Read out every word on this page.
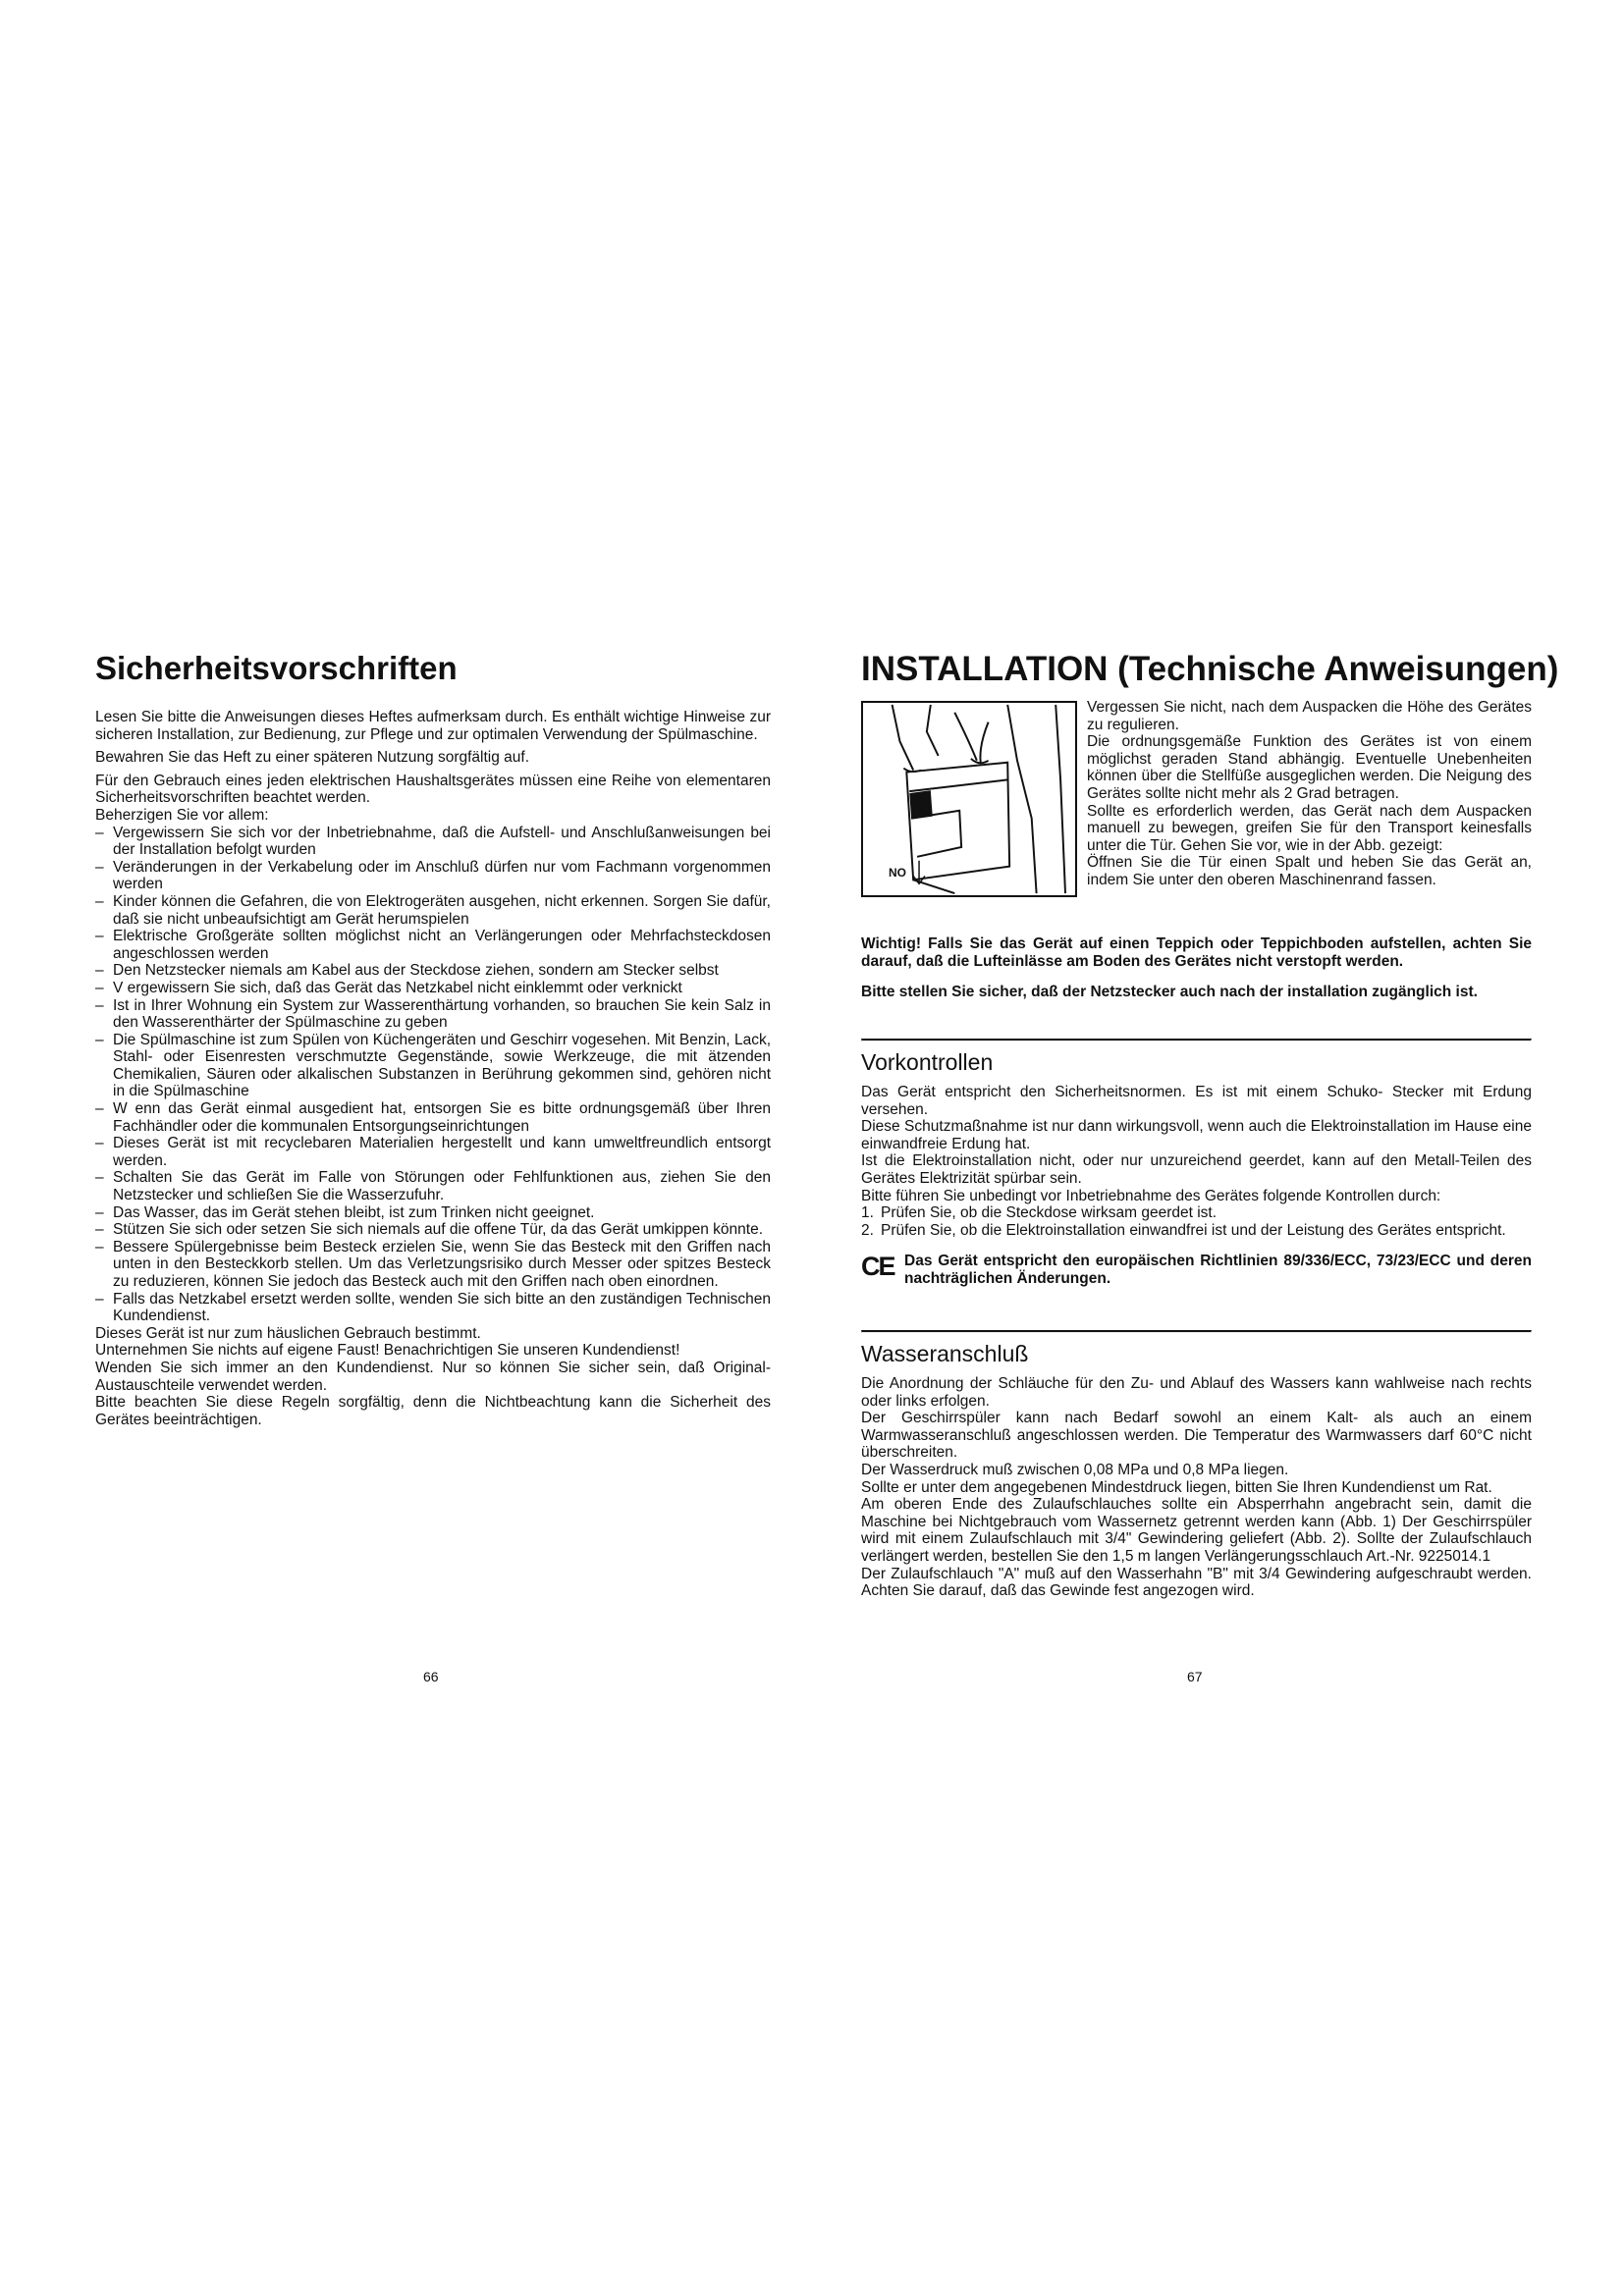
Sicherheitsvorschriften

Lesen Sie bitte die Anweisungen dieses Heftes aufmerksam durch. Es enthält wichtige Hinweise zur sicheren Installation, zur Bedienung, zur Pflege und zur optimalen Verwendung der Spülmaschine.

Bewahren Sie das Heft zu einer späteren Nutzung sorgfältig auf.

Für den Gebrauch eines jeden elektrischen Haushaltsgerätes müssen eine Reihe von elementaren Sicherheitsvorschriften beachtet werden.

Beherzigen Sie vor allem:

– Vergewissern Sie sich vor der Inbetriebnahme, daß die Aufstell- und Anschlußanweisungen bei der Installation befolgt wurden

– Veränderungen in der Verkabelung oder im Anschluß dürfen nur vom Fachmann vorgenommen werden

– Kinder können die Gefahren, die von Elektrogeräten ausgehen, nicht erkennen. Sorgen Sie dafür, daß sie nicht unbeaufsichtigt am Gerät herumspielen

– Elektrische Großgeräte sollten möglichst nicht an Verlängerungen oder Mehrfachsteckdosen angeschlossen werden

– Den Netzstecker niemals am Kabel aus der Steckdose ziehen, sondern am Stecker selbst

– V ergewissern Sie sich, daß das Gerät das Netzkabel nicht einklemmt oder verknickt

– Ist in Ihrer Wohnung ein System zur Wasserenthärtung vorhanden, so brauchen Sie kein Salz in den Wasserenthärter der Spülmaschine zu geben

– Die Spülmaschine ist zum Spülen von Küchengeräten und Geschirr vogesehen. Mit Benzin, Lack, Stahl- oder Eisenresten verschmutzte Gegenstände, sowie Werkzeuge, die mit ätzenden Chemikalien, Säuren oder alkalischen Substanzen in Berührung gekommen sind, gehören nicht in die Spülmaschine

– W enn das Gerät einmal ausgedient hat, entsorgen Sie es bitte ordnungsgemäß über Ihren Fachhändler oder die kommunalen Entsorgungseinrichtungen

– Dieses Gerät ist mit recyclebaren Materialien hergestellt und kann umweltfreundlich entsorgt werden.

– Schalten Sie das Gerät im Falle von Störungen oder Fehlfunktionen aus, ziehen Sie den Netzstecker und schließen Sie die Wasserzufuhr.

– Das Wasser, das im Gerät stehen bleibt, ist zum Trinken nicht geeignet.

– Stützen Sie sich oder setzen Sie sich niemals auf die offene Tür, da das Gerät umkippen könnte.

– Bessere Spülergebnisse beim Besteck erzielen Sie, wenn Sie das Besteck mit den Griffen nach unten in den Besteckkorb stellen. Um das Verletzungsrisiko durch Messer oder spitzes Besteck zu reduzieren, können Sie jedoch das Besteck auch mit den Griffen nach oben einordnen.

– Falls das Netzkabel ersetzt werden sollte, wenden Sie sich bitte an den zuständigen Technischen Kundendienst.

Dieses Gerät ist nur zum häuslichen Gebrauch bestimmt.

Unternehmen Sie nichts auf eigene Faust! Benachrichtigen Sie unseren Kundendienst!

Wenden Sie sich immer an den Kundendienst. Nur so können Sie sicher sein, daß Original-Austauschteile verwendet werden.

Bitte beachten Sie diese Regeln sorgfältig, denn die Nichtbeachtung kann die Sicherheit des Gerätes beeinträchtigen.

66
INSTALLATION (Technische Anweisungen)
NO

Vergessen Sie nicht, nach dem Auspacken die Höhe des Gerätes zu regulieren.

Die ordnungsgemäße Funktion des Gerätes ist von einem möglichst geraden Stand abhängig. Eventuelle Unebenheiten können über die Stellfüße ausgeglichen werden. Die Neigung des Gerätes sollte nicht mehr als 2 Grad betragen.

Sollte es erforderlich werden, das Gerät nach dem Auspacken manuell zu bewegen, greifen Sie für den Transport keinesfalls unter die Tür. Gehen Sie vor, wie in der Abb. gezeigt:

Öffnen Sie die Tür einen Spalt und heben Sie das Gerät an, indem Sie unter den oberen Maschinenrand fassen.

Wichtig! Falls Sie das Gerät auf einen Teppich oder Teppichboden aufstellen, achten Sie darauf, daß die Lufteinlässe am Boden des Gerätes nicht verstopft werden.

Bitte stellen Sie sicher, daß der Netzstecker auch nach der installation zugänglich ist.

Vorkontrollen

Das Gerät entspricht den Sicherheitsnormen. Es ist mit einem Schuko- Stecker mit Erdung versehen.

Diese Schutzmaßnahme ist nur dann wirkungsvoll, wenn auch die Elektroinstallation im Hause eine einwandfreie Erdung hat.

Ist die Elektroinstallation nicht, oder nur unzureichend geerdet, kann auf den Metall-Teilen des Gerätes Elektrizität spürbar sein.

Bitte führen Sie unbedingt vor Inbetriebnahme des Gerätes folgende Kontrollen durch:

1. Prüfen Sie, ob die Steckdose wirksam geerdet ist.

2. Prüfen Sie, ob die Elektroinstallation einwandfrei ist und der Leistung des Gerätes entspricht.

CE Das Gerät entspricht den europäischen Richtlinien 89/336/ECC, 73/23/ECC und deren nachträglichen Änderungen.
Wasseranschluß

Die Anordnung der Schläuche für den Zu- und Ablauf des Wassers kann wahlweise nach rechts oder links erfolgen.

Der Geschirrspüler kann nach Bedarf sowohl an einem Kalt- als auch an einem Warmwasseranschluß angeschlossen werden. Die Temperatur des Warmwassers darf 60°C nicht überschreiten.

Der Wasserdruck muß zwischen 0,08 MPa und 0,8 MPa liegen.

Sollte er unter dem angegebenen Mindestdruck liegen, bitten Sie Ihren Kundendienst um Rat.

Am oberen Ende des Zulaufschlauches sollte ein Absperrhahn angebracht sein, damit die Maschine bei Nichtgebrauch vom Wassernetz getrennt werden kann (Abb. 1) Der Geschirrspüler wird mit einem Zulaufschlauch mit 3/4" Gewindering geliefert (Abb. 2). Sollte der Zulaufschlauch verlängert werden, bestellen Sie den 1,5 m langen Verlängerungsschlauch Art.-Nr. 9225014.1

Der Zulaufschlauch "A" muß auf den Wasserhahn "B" mit 3/4 Gewindering aufgeschraubt werden. Achten Sie darauf, daß das Gewinde fest angezogen wird.

67
